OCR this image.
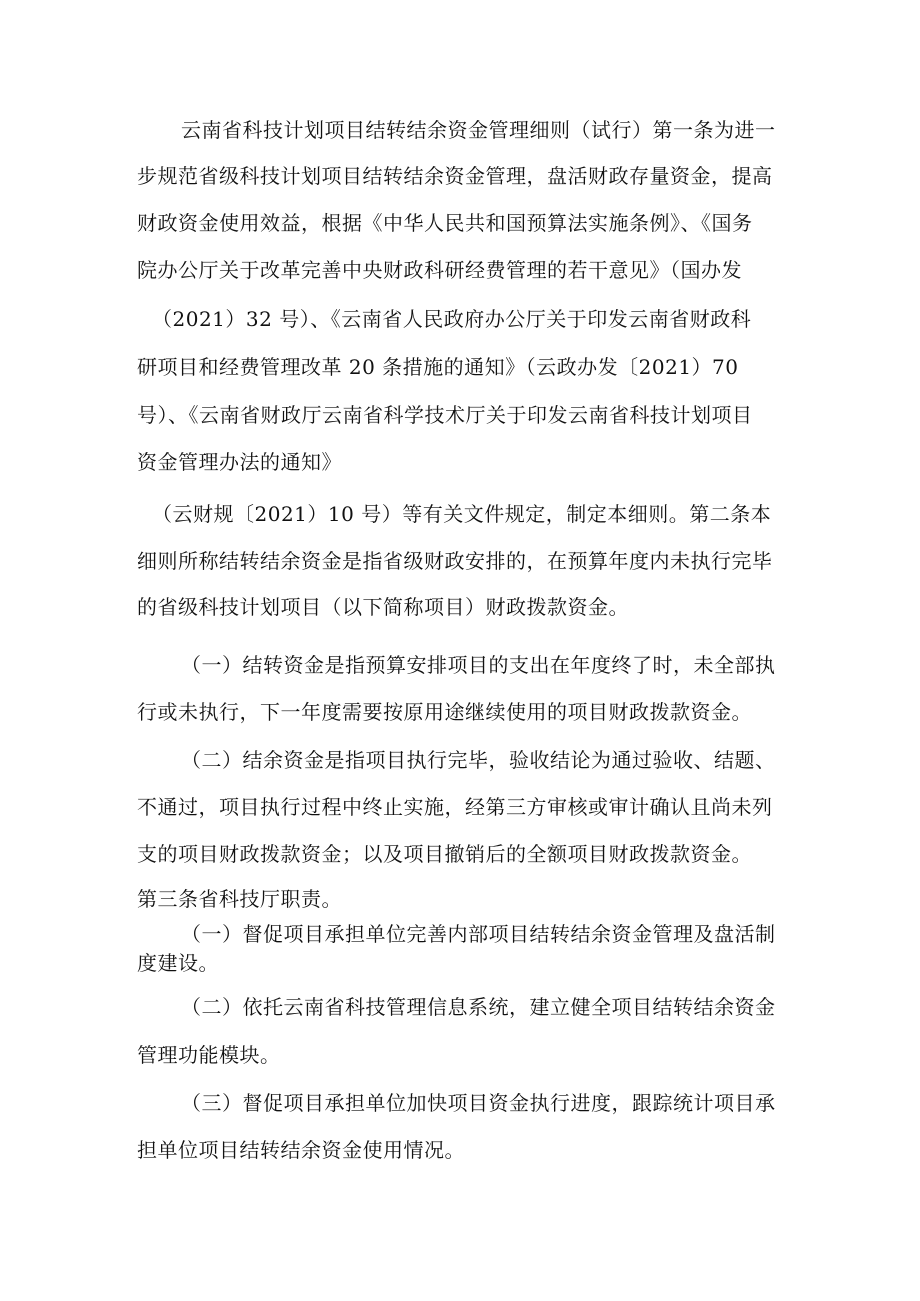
云南省科技计划项目结转结余资金管理细则（试行）第一条为进一
步规范省级科技计划项目结转结余资金管理，盘活财政存量资金，提高
财政资金使用效益，根据《中华人民共和国预算法实施条例》、《国务
院办公厅关于改革完善中央财政科研经费管理的若干意见》（国办发
（2021）32 号）、《云南省人民政府办公厅关于印发云南省财政科
研项目和经费管理改革 20 条措施的通知》（云政办发〔2021）70
号）、《云南省财政厅云南省科学技术厅关于印发云南省科技计划项目
资金管理办法的通知》
（云财规〔2021）10 号）等有关文件规定，制定本细则。第二条本
细则所称结转结余资金是指省级财政安排的，在预算年度内未执行完毕
的省级科技计划项目（以下简称项目）财政拨款资金。
（一）结转资金是指预算安排项目的支出在年度终了时，未全部执
行或未执行，下一年度需要按原用途继续使用的项目财政拨款资金。
（二）结余资金是指项目执行完毕，验收结论为通过验收、结题、
不通过，项目执行过程中终止实施，经第三方审核或审计确认且尚未列
支的项目财政拨款资金；以及项目撤销后的全额项目财政拨款资金。
第三条省科技厅职责。
（一）督促项目承担单位完善内部项目结转结余资金管理及盘活制
度建设。
（二）依托云南省科技管理信息系统，建立健全项目结转结余资金
管理功能模块。
（三）督促项目承担单位加快项目资金执行进度，跟踪统计项目承
担单位项目结转结余资金使用情况。
